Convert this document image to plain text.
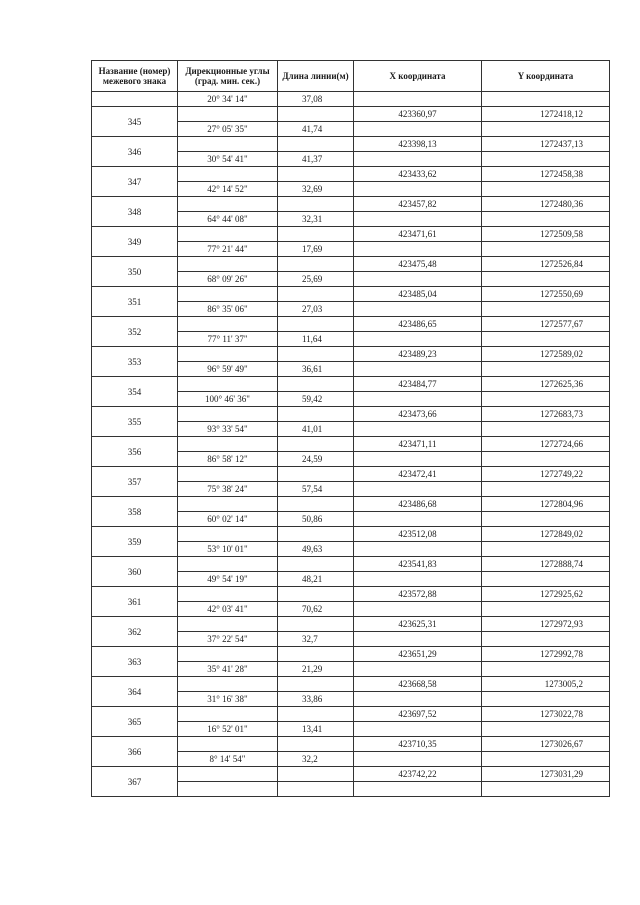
Название (номер) межевого знака	Дирекционные углы (град. мин. сек.)	Длина линии(м)	X координата	Y координата
	20° 34' 14"	37,08		
345			423360,97	1272418,12
	27° 05' 35"	41,74		
346			423398,13	1272437,13
	30° 54' 41"	41,37		
347			423433,62	1272458,38
	42° 14' 52"	32,69		
348			423457,82	1272480,36
	64° 44' 08"	32,31		
349			423471,61	1272509,58
	77° 21' 44"	17,69		
350			423475,48	1272526,84
	68° 09' 26"	25,69		
351			423485,04	1272550,69
	86° 35' 06"	27,03		
352			423486,65	1272577,67
	77° 11' 37"	11,64		
353			423489,23	1272589,02
	96° 59' 49"	36,61		
354			423484,77	1272625,36
	100° 46' 36"	59,42		
355			423473,66	1272683,73
	93° 33' 54"	41,01		
356			423471,11	1272724,66
	86° 58' 12"	24,59		
357			423472,41	1272749,22
	75° 38' 24"	57,54		
358			423486,68	1272804,96
	60° 02' 14"	50,86		
359			423512,08	1272849,02
	53° 10' 01"	49,63		
360			423541,83	1272888,74
	49° 54' 19"	48,21		
361			423572,88	1272925,62
	42° 03' 41"	70,62		
362			423625,31	1272972,93
	37° 22' 54"	32,7		
363			423651,29	1272992,78
	35° 41' 28"	21,29		
364			423668,58	1273005,2
	31° 16' 38"	33,86		
365			423697,52	1273022,78
	16° 52' 01"	13,41		
366			423710,35	1273026,67
	8° 14' 54"	32,2		
367			423742,22	1273031,29
